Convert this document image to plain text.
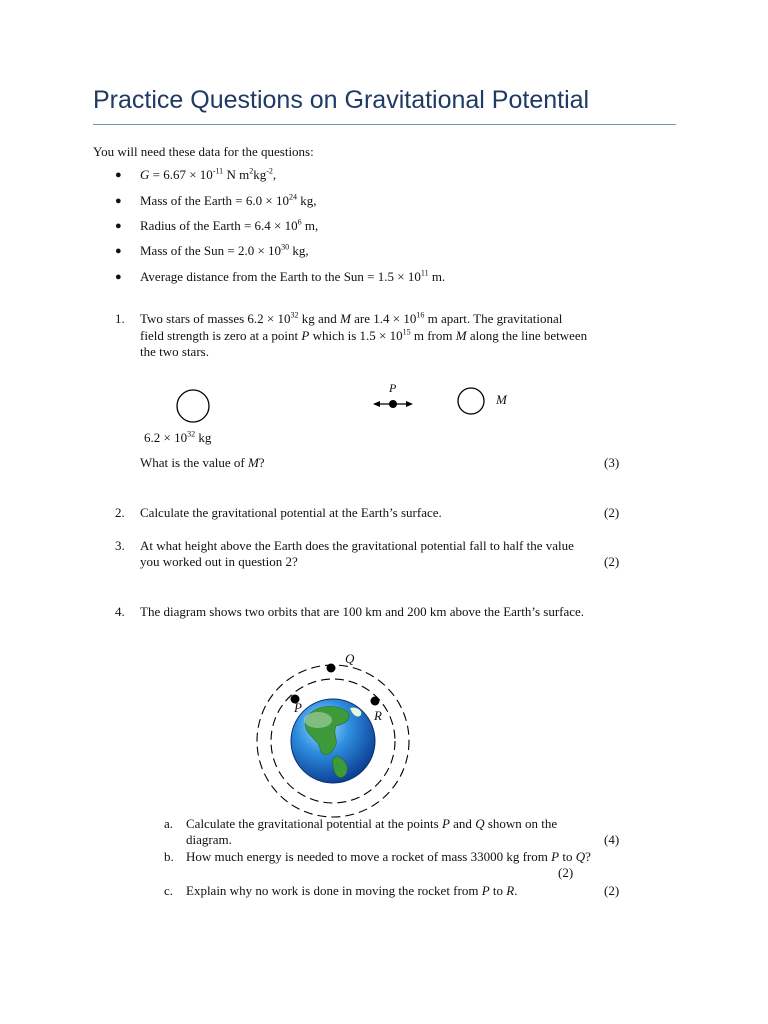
Practice Questions on Gravitational Potential
You will need these data for the questions:
● $G = 6.67 \times 10^{-11}$ N $m^2kg^{-2}$,
● Mass of the Earth = $6.0 \times 10^{24}$ kg,
● Radius of the Earth = $6.4 \times 10^6$ m,
● Mass of the Sun = $2.0 \times 10^{30}$ kg,
● Average distance from the Earth to the Sun = $1.5 \times 10^{11}$ m.
1. Two stars of masses $6.2 \times 10^{32}$ kg and M are $1.4 \times 10^{16}$ m apart. The gravitational
field strength is zero at a point P which is $1.5 \times 10^{15}$ m from M along the line between
the two stars.
P
M
$6.2 \times 10^{32}$ kg
What is the value of M?	(3)
2. Calculate the gravitational potential at the Earth’s surface.	(2)
3. At what height above the Earth does the gravitational potential fall to half the value
you worked out in question 2?	(2)
4. The diagram shows two orbits that are 100 km and 200 km above the Earth’s surface.
Q
P
R
a. Calculate the gravitational potential at the points P and Q shown on the
diagram.	(4)
b. How much energy is needed to move a rocket of mass 33000 kg from P to Q?
(2)
c. Explain why no work is done in moving the rocket from P to R.	(2)
